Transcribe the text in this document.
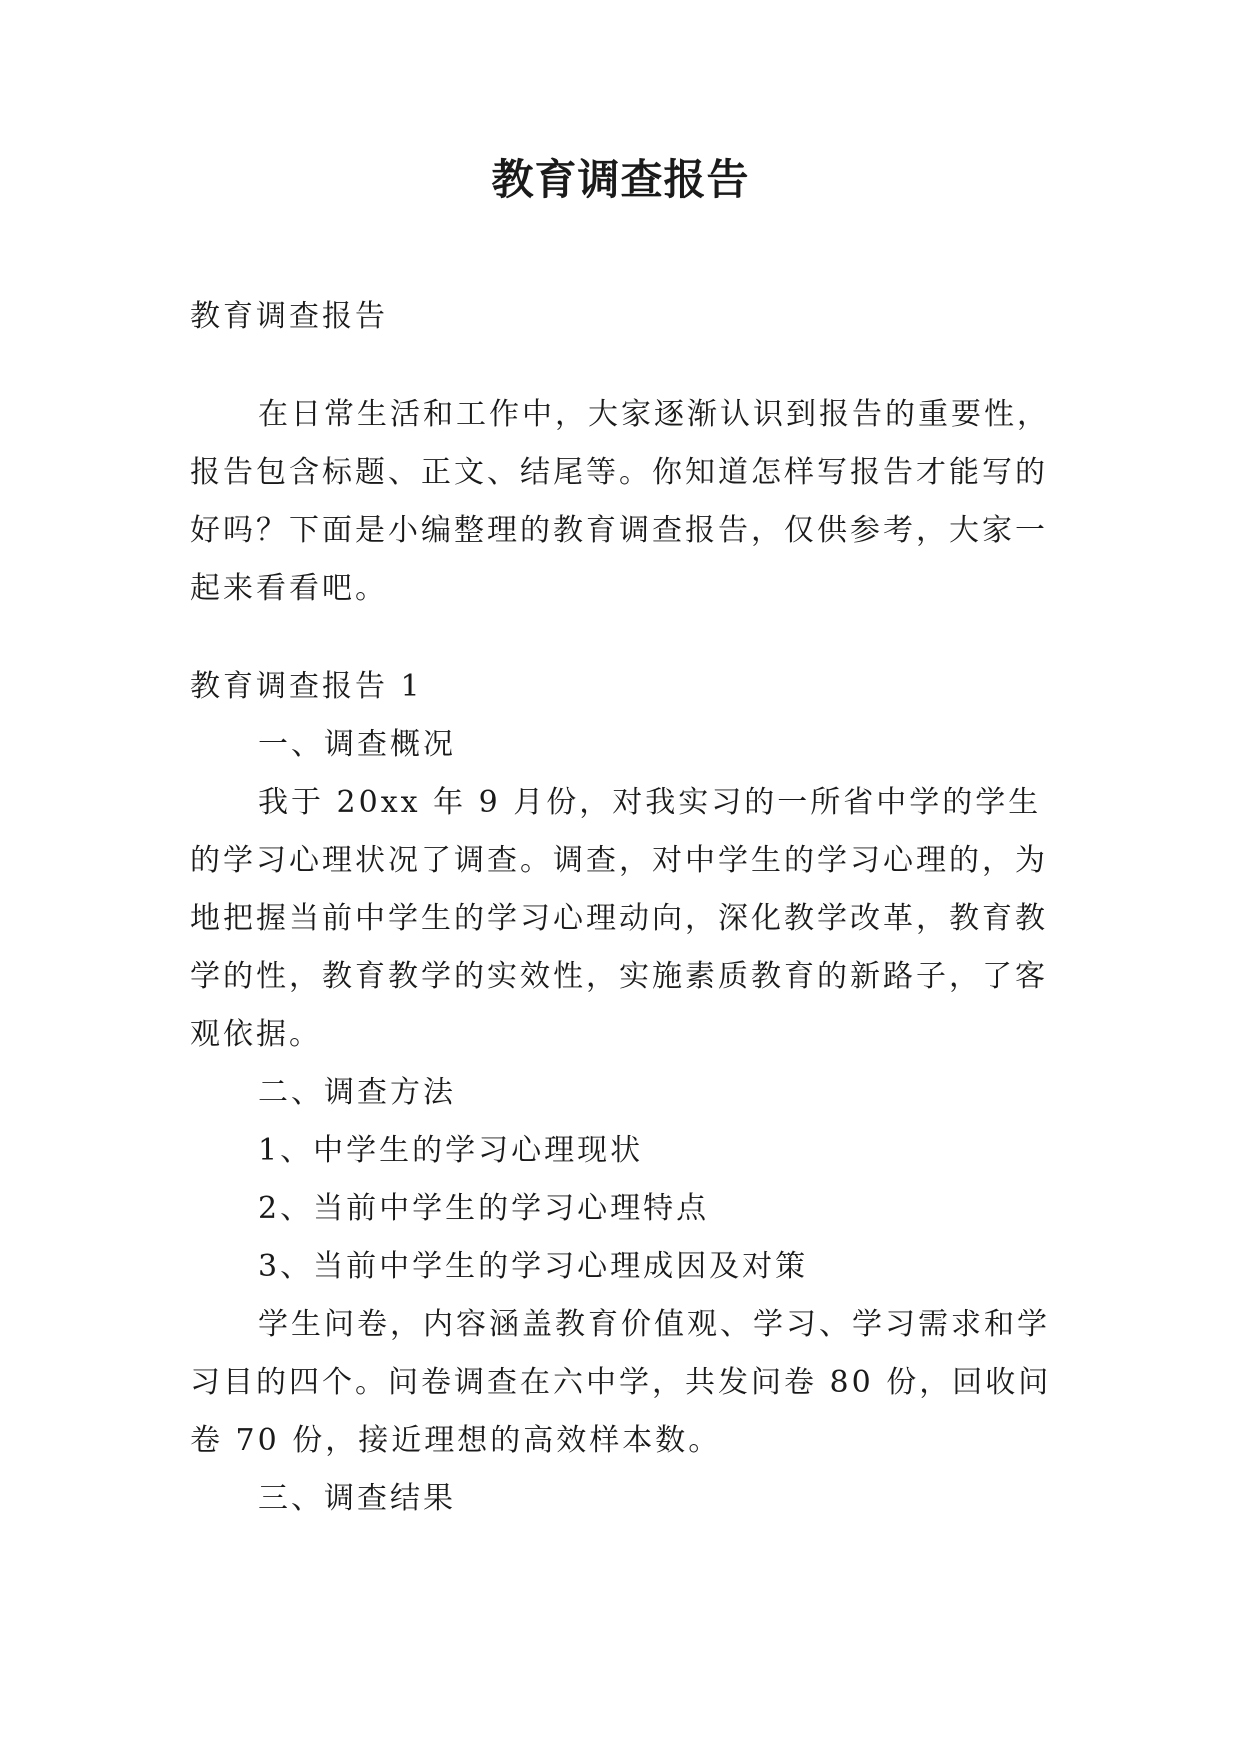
教育调查报告

教育调查报告

在日常生活和工作中，大家逐渐认识到报告的重要性，报告包含标题、正文、结尾等。你知道怎样写报告才能写的好吗？下面是小编整理的教育调查报告，仅供参考，大家一起来看看吧。

教育调查报告 1

一、调查概况

我于 20xx 年 9 月份，对我实习的一所省中学的学生的学习心理状况了调查。调查，对中学生的学习心理的，为地把握当前中学生的学习心理动向，深化教学改革，教育教学的性，教育教学的实效性，实施素质教育的新路子，了客观依据。

二、调查方法

1、中学生的学习心理现状

2、当前中学生的学习心理特点

3、当前中学生的学习心理成因及对策

学生问卷，内容涵盖教育价值观、学习、学习需求和学习目的四个。问卷调查在六中学，共发问卷 80 份，回收问卷 70 份，接近理想的高效样本数。

三、调查结果
